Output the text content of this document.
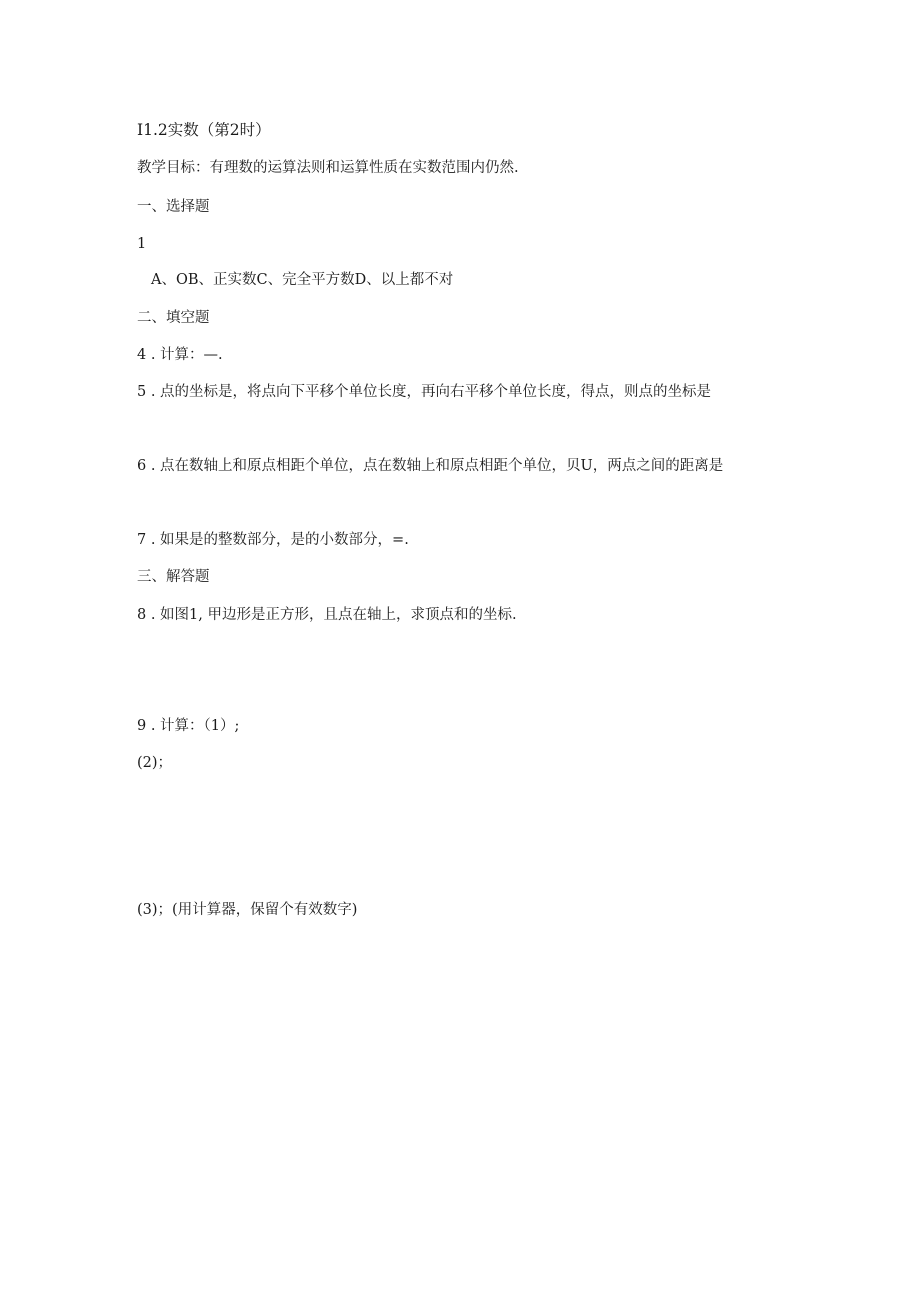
I1.2实数（第2时）
教学目标：有理数的运算法则和运算性质在实数范围内仍然.
一、选择题
1
A、OB、正实数C、完全平方数D、以上都不对
二、填空题
4 . 计算：—.
5 . 点的坐标是，将点向下平移个单位长度，再向右平移个单位长度，得点，则点的坐标是
6 . 点在数轴上和原点相距个单位，点在数轴上和原点相距个单位，贝U，两点之间的距离是
7 . 如果是的整数部分，是的小数部分，=.
三、解答题
8 . 如图1, 甲边形是正方形，且点在轴上，求顶点和的坐标.
9 . 计算：（1）;
(2)；
(3)；(用计算器，保留个有效数字)
